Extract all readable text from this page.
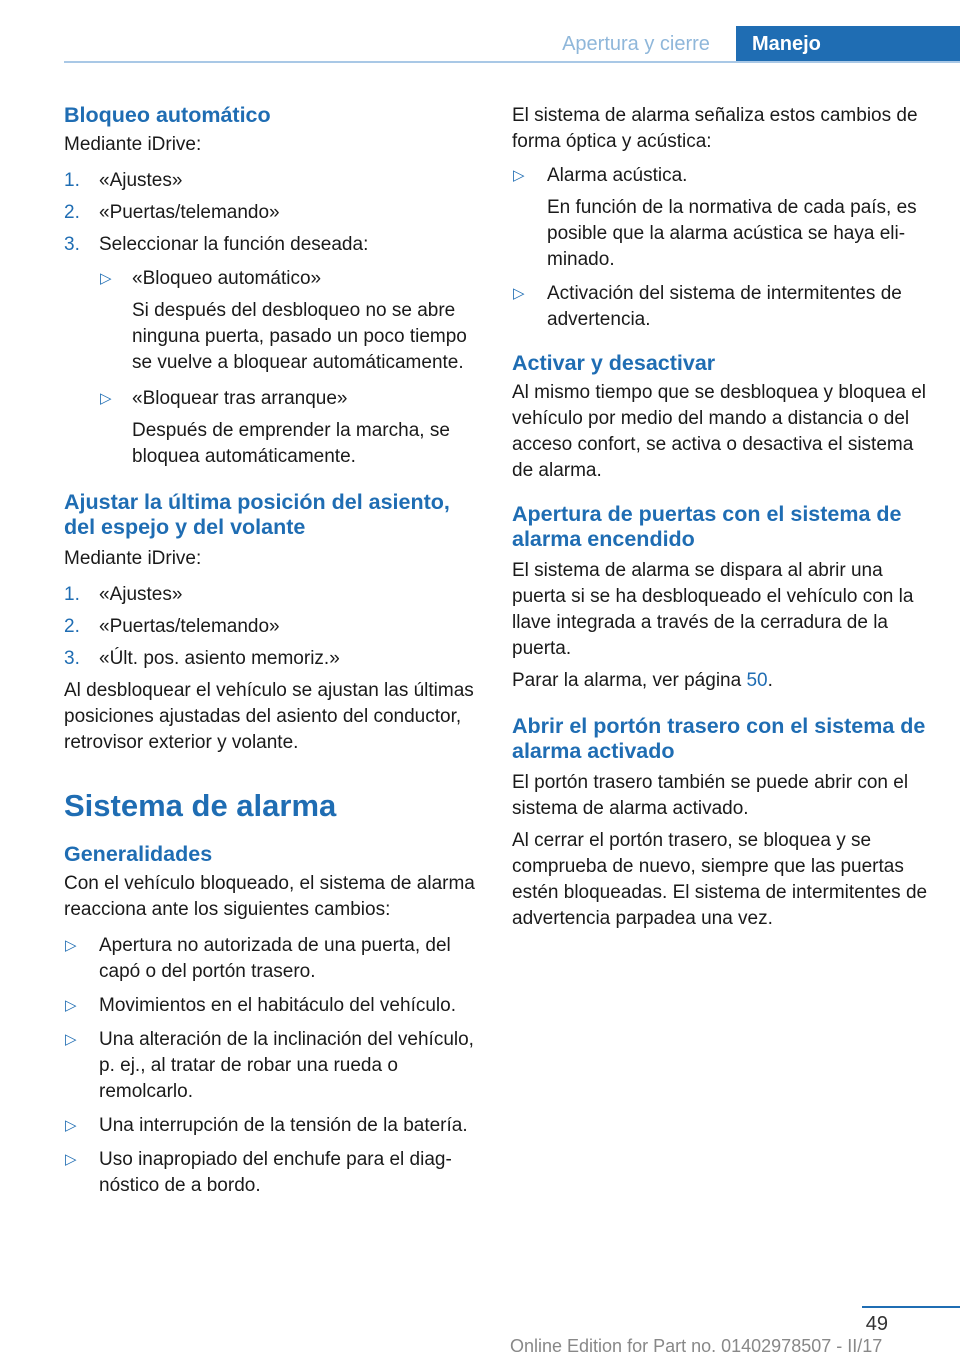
Apertura y cierre	Manejo
Bloqueo automático

Mediante iDrive:

1. «Ajustes»
2. «Puertas/telemando»
3. Seleccionar la función deseada:
▷ «Bloqueo automático»

Si después del desbloqueo no se abre ninguna puerta, pasado un poco tiempo se vuelve a bloquear automáticamente.

▷ «Bloquear tras arranque»

Después de emprender la marcha, se bloquea automáticamente.

Ajustar la última posición del asiento, del espejo y del volante

Mediante iDrive:

1. «Ajustes»
2. «Puertas/telemando»
3. «Últ. pos. asiento memoriz.»

Al desbloquear el vehículo se ajustan las últimas posiciones ajustadas del asiento del conductor, retrovisor exterior y volante.

Sistema de alarma
Generalidades

Con el vehículo bloqueado, el sistema de alarma reacciona ante los siguientes cambios:

▷ Apertura no autorizada de una puerta, del capó o del portón trasero.
▷ Movimientos en el habitáculo del vehículo.
▷ Una alteración de la inclinación del vehículo, p. ej., al tratar de robar una rueda o remolcarlo.
▷ Una interrupción de la tensión de la batería.
▷ Uso inapropiado del enchufe para el diagnóstico de a bordo.

El sistema de alarma señaliza estos cambios de forma óptica y acústica:

▷ Alarma acústica.

En función de la normativa de cada país, es posible que la alarma acústica se haya eliminado.

▷ Activación del sistema de intermitentes de advertencia.
Activar y desactivar

Al mismo tiempo que se desbloquea y bloquea el vehículo por medio del mando a distancia o del acceso confort, se activa o desactiva el sistema de alarma.

Apertura de puertas con el sistema de alarma encendido

El sistema de alarma se dispara al abrir una puerta si se ha desbloqueado el vehículo con la llave integrada a través de la cerradura de la puerta.

Parar la alarma, ver página 50.

Abrir el portón trasero con el sistema de alarma activado

El portón trasero también se puede abrir con el sistema de alarma activado.

Al cerrar el portón trasero, se bloquea y se comprueba de nuevo, siempre que las puertas estén bloqueadas. El sistema de intermitentes de advertencia parpadea una vez.

49
Online Edition for Part no. 01402978507 - II/17
